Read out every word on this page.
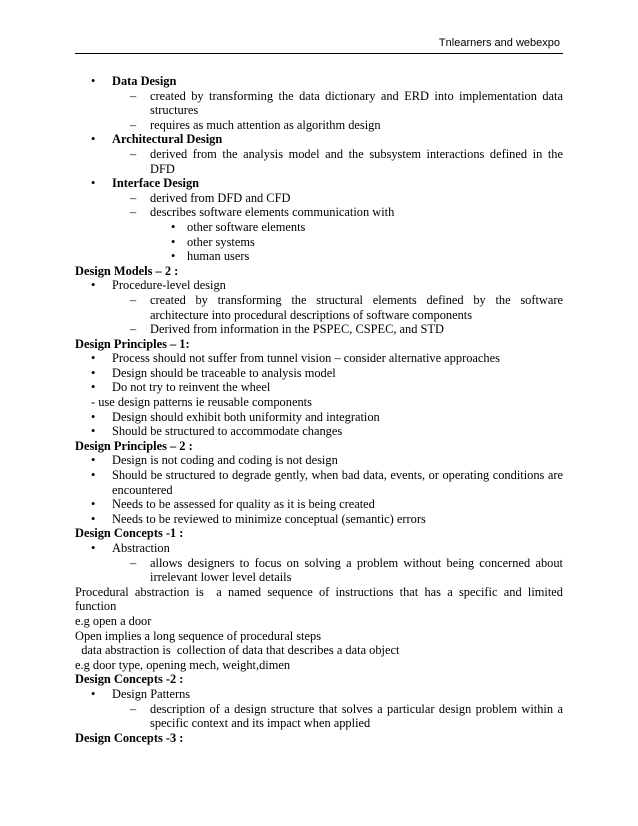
Tnlearners and webexpo
• Data Design
– created by transforming the data dictionary and ERD into implementation data structures
– requires as much attention as algorithm design
• Architectural Design
– derived from the analysis model and the subsystem interactions defined in the DFD
• Interface Design
– derived from DFD and CFD
– describes software elements communication with
• other software elements
• other systems
• human users
Design Models – 2 :
• Procedure-level design
– created by transforming the structural elements defined by the software architecture into procedural descriptions of software components
– Derived from information in the PSPEC, CSPEC, and STD
Design Principles – 1:
• Process should not suffer from tunnel vision – consider alternative approaches
• Design should be traceable to analysis model
• Do not try to reinvent the wheel
- use design patterns ie reusable components
• Design should exhibit both uniformity and integration
• Should be structured to accommodate changes
Design Principles – 2 :
• Design is not coding and coding is not design
• Should be structured to degrade gently, when bad data, events, or operating conditions are encountered
• Needs to be assessed for quality as it is being created
• Needs to be reviewed to minimize conceptual (semantic) errors
Design Concepts -1 :
• Abstraction
– allows designers to focus on solving a problem without being concerned about irrelevant lower level details
Procedural abstraction is  a named sequence of instructions that has a specific and limited function
e.g open a door
Open implies a long sequence of procedural steps
data abstraction is  collection of data that describes a data object
e.g door type, opening mech, weight,dimen
Design Concepts -2 :
• Design Patterns
– description of a design structure that solves a particular design problem within a specific context and its impact when applied
Design Concepts -3 :
